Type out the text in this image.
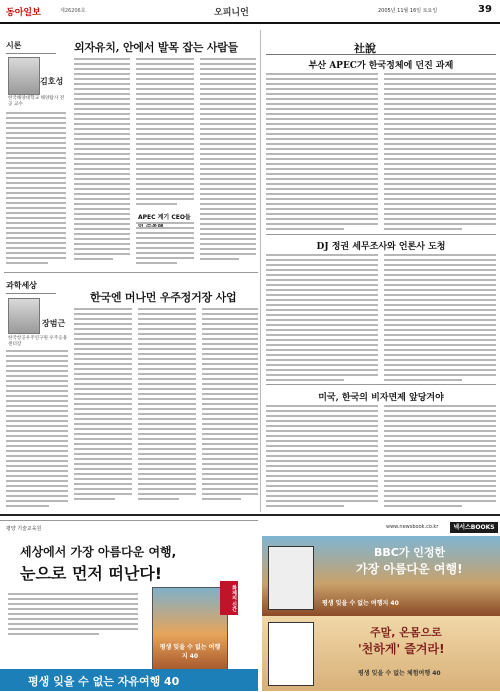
동아일보	제26206호	오피니언	2005년 11월 16일 토요일	39
시론
김호성
한국해양대학교 해양탐사 전공 교수
외자유치, 안에서 발목 잡는 사람들
APEC 계기 CEO들
과학세상
장범근
한국항공우주연구원 우주응용센터장
한국엔 머나먼 우주정거장 사업
社說
부산 APEC가 한국정체에 던진 과제
DJ 정권 세무조사와 언론사 도청
미국, 한국의 비자면제 앞당겨야
평양 기술교육원
세상에서 가장 아름다운 여행,
눈으로 먼저 떠난다!
평생 잊을 수 없는 여행지 40
화제의 신간
평생 잊을 수 없는 자유여행 40
www.newsbook.co.kr	넥서스BOOKS
BBC가 인정한
가장 아름다운 여행!
평생 잊을 수 없는 여행지 40
주말, 온몸으로
'천하게' 즐겨라!
평생 잊을 수 없는 체험여행 40
